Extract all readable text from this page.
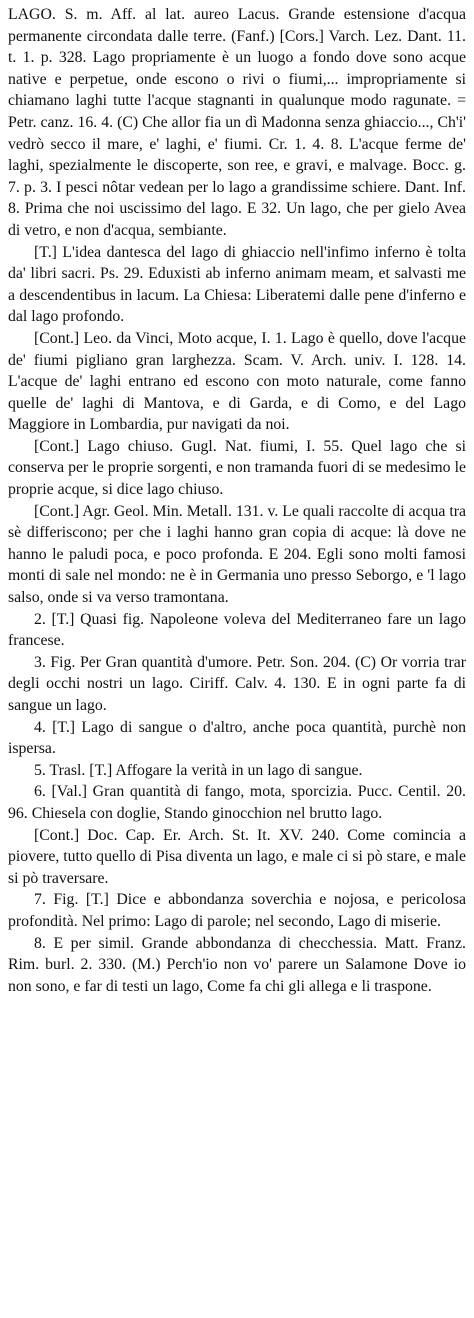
LAGO. S. m. Aff. al lat. aureo Lacus. Grande estensione d'acqua permanente circondata dalle terre. (Fanf.) [Cors.] Varch. Lez. Dant. 11. t. 1. p. 328. Lago propriamente è un luogo a fondo dove sono acque native e perpetue, onde escono o rivi o fiumi,... impropriamente si chiamano laghi tutte l'acque stagnanti in qualunque modo ragunate. = Petr. canz. 16. 4. (C) Che allor fia un dì Madonna senza ghiaccio..., Ch'i' vedrò secco il mare, e' laghi, e' fiumi. Cr. 1. 4. 8. L'acque ferme de' laghi, spezialmente le discoperte, son ree, e gravi, e malvage. Bocc. g. 7. p. 3. I pesci nôtar vedean per lo lago a grandissime schiere. Dant. Inf. 8. Prima che noi uscissimo del lago. E 32. Un lago, che per gielo Avea di vetro, e non d'acqua, sembiante.

[T.] L'idea dantesca del lago di ghiaccio nell'infimo inferno è tolta da' libri sacri. Ps. 29. Eduxisti ab inferno animam meam, et salvasti me a descendentibus in lacum. La Chiesa: Liberatemi dalle pene d'inferno e dal lago profondo.

[Cont.] Leo. da Vinci, Moto acque, I. 1. Lago è quello, dove l'acque de' fiumi pigliano gran larghezza. Scam. V. Arch. univ. I. 128. 14. L'acque de' laghi entrano ed escono con moto naturale, come fanno quelle de' laghi di Mantova, e di Garda, e di Como, e del Lago Maggiore in Lombardia, pur navigati da noi.

[Cont.] Lago chiuso. Gugl. Nat. fiumi, I. 55. Quel lago che si conserva per le proprie sorgenti, e non tramanda fuori di se medesimo le proprie acque, si dice lago chiuso.

[Cont.] Agr. Geol. Min. Metall. 131. v. Le quali raccolte di acqua tra sè differiscono; per che i laghi hanno gran copia di acque: là dove ne hanno le paludi poca, e poco profonda. E 204. Egli sono molti famosi monti di sale nel mondo: ne è in Germania uno presso Seborgo, e 'l lago salso, onde si va verso tramontana.

2. [T.] Quasi fig. Napoleone voleva del Mediterraneo fare un lago francese.

3. Fig. Per Gran quantità d'umore. Petr. Son. 204. (C) Or vorria trar degli occhi nostri un lago. Ciriff. Calv. 4. 130. E in ogni parte fa di sangue un lago.

4. [T.] Lago di sangue o d'altro, anche poca quantità, purchè non ispersa.

5. Trasl. [T.] Affogare la verità in un lago di sangue.

6. [Val.] Gran quantità di fango, mota, sporcizia. Pucc. Centil. 20. 96. Chiesela con doglie, Stando ginocchion nel brutto lago.

[Cont.] Doc. Cap. Er. Arch. St. It. XV. 240. Come comincia a piovere, tutto quello di Pisa diventa un lago, e male ci si pò stare, e male si pò traversare.

7. Fig. [T.] Dice e abbondanza soverchia e nojosa, e pericolosa profondità. Nel primo: Lago di parole; nel secondo, Lago di miserie.

8. E per simil. Grande abbondanza di checchessia. Matt. Franz. Rim. burl. 2. 330. (M.) Perch'io non vo' parere un Salamone Dove io non sono, e far di testi un lago, Come fa chi gli allega e li traspone.
